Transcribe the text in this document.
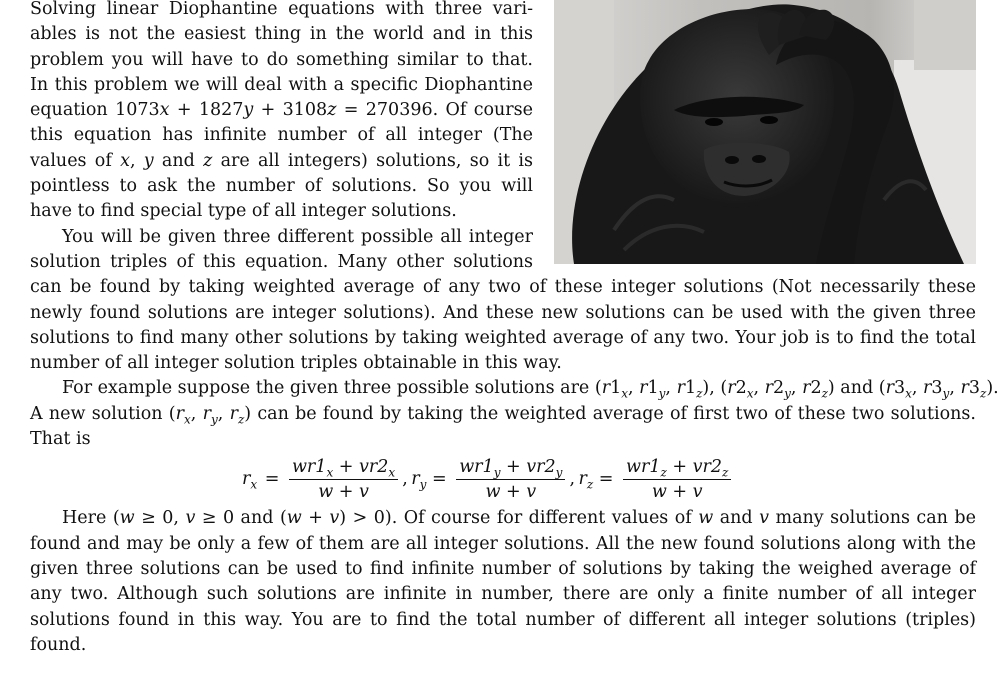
Solving linear Diophantine equations with three variables is not the easiest thing in the world and in this problem you will have to do something similar to that. In this problem we will deal with a specific Diophantine equation 1073x + 1827y + 3108z = 270396. Of course this equation has infinite number of all integer (The values of x, y and z are all integers) solutions, so it is pointless to ask the number of solutions. So you will have to find special type of all integer solutions.

You will be given three different possible all integer solution triples of this equation. Many other solutions can be found by taking weighted average of any two of these integer solutions (Not necessarily these newly found solutions are integer solutions). And these new solutions can be used with the given three solutions to find many other solutions by taking weighted average of any two. Your job is to find the total number of all integer solution triples obtainable in this way.

For example suppose the given three possible solutions are ($r1_x$, $r1_y$, $r1_z$), ($r2_x$, $r2_y$, $r2_z$) and ($r3_x$, $r3_y$, $r3_z$).

A new solution ($r_x$, $r_y$, $r_z$) can be found by taking the weighted average of first two of these two solutions. That is

$r_x = \frac{wr1_x + vr2_x}{w + v}$ ,  $r_y = \frac{wr1_y + vr2_y}{w + v}$ ,  $r_z = \frac{wr1_z + vr2_z}{w + v}$

Here (w ≥ 0, v ≥ 0 and (w + v) > 0). Of course for different values of w and v many solutions can be found and may be only a few of them are all integer solutions. All the new found solutions along with the given three solutions can be used to find infinite number of solutions by taking the weighed average of any two. Although such solutions are infinite in number, there are only a finite number of all integer solutions found in this way. You are to find the total number of different all integer solutions (triples) found.
